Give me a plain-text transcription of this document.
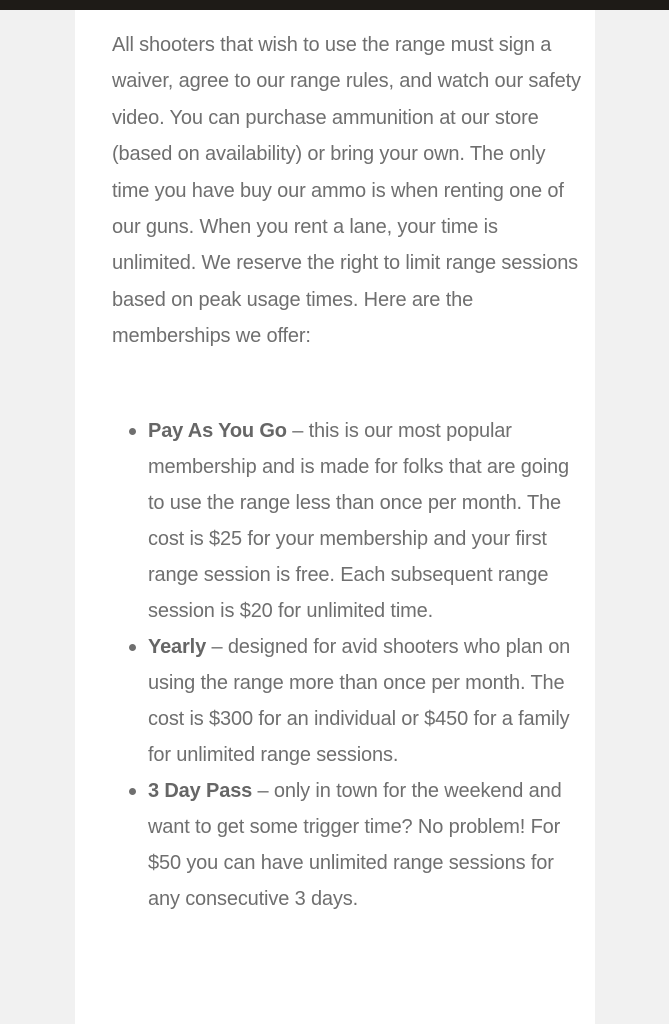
All shooters that wish to use the range must sign a waiver, agree to our range rules, and watch our safety video. You can purchase ammunition at our store (based on availability) or bring your own. The only time you have buy our ammo is when renting one of our guns. When you rent a lane, your time is unlimited. We reserve the right to limit range sessions based on peak usage times. Here are the memberships we offer:

Pay As You Go – this is our most popular membership and is made for folks that are going to use the range less than once per month. The cost is $25 for your membership and your first range session is free. Each subsequent range session is $20 for unlimited time.
Yearly – designed for avid shooters who plan on using the range more than once per month. The cost is $300 for an individual or $450 for a family for unlimited range sessions.
3 Day Pass – only in town for the weekend and want to get some trigger time? No problem! For $50 you can have unlimited range sessions for any consecutive 3 days.
